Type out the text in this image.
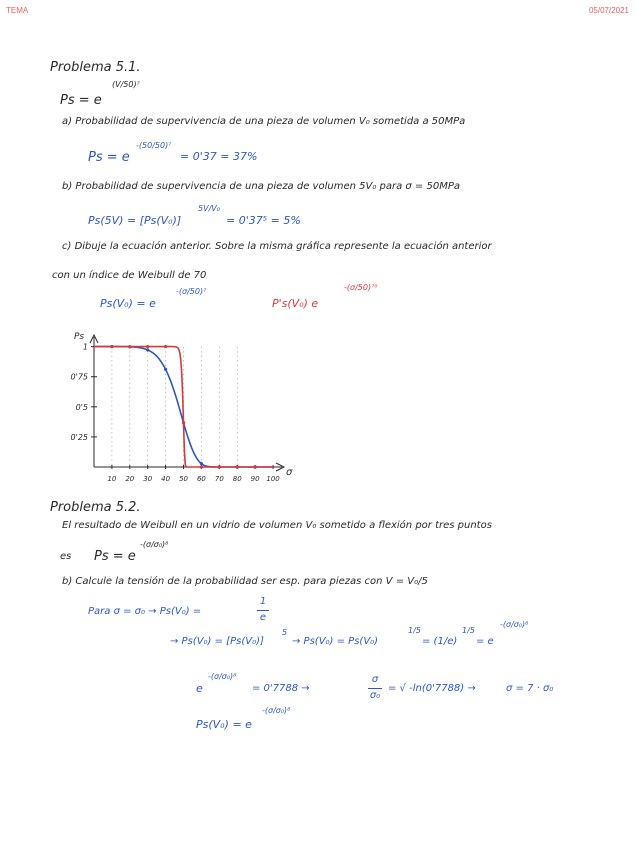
TEMA	05/07/2021
Problema 5.1.
(V/50)⁷
Ps = e
a) Probabilidad de supervivencia de una pieza de volumen V₀ sometida a 50MPa
Ps = e
-(50/50)⁷
= 0'37 = 37%
b) Probabilidad de supervivencia de una pieza de volumen 5V₀ para σ = 50MPa
Ps(5V) = [Ps(V₀)]
5V/V₀
= 0'37⁵ = 5%
c) Dibuje la ecuación anterior. Sobre la misma gráfica represente la ecuación anterior
con un índice de Weibull de 70
Ps(V₀) = e
-(σ/50)⁷
P's(V₀) e
-(σ/50)⁷⁰
1
0'75
0'5
0'25
10 20 30 40 50 60 70 80 90 100
Ps
σ
Problema 5.2.
El resultado de Weibull en un vidrio de volumen V₀ sometido a flexión por tres puntos
es Ps = e
-(σ/σ₀)⁸
b) Calcule la tensión de la probabilidad ser esp. para piezas con V = V₀/5
Para σ = σ₀ → Ps(V₀) =
1
e
→ Ps(V₀) = [Ps(V₀)]
5
→ Ps(V₀) = Ps(V₀)
1/5
= (1/e)
1/5
= e
-(σ/σ₀)⁸
e
-(σ/σ₀)⁸
= 0'7788 →
σ
σ₀
= √ -ln(0'7788) →	σ = 7 · σ₀
Ps(V₀) = e
-(σ/σ₀)⁸
